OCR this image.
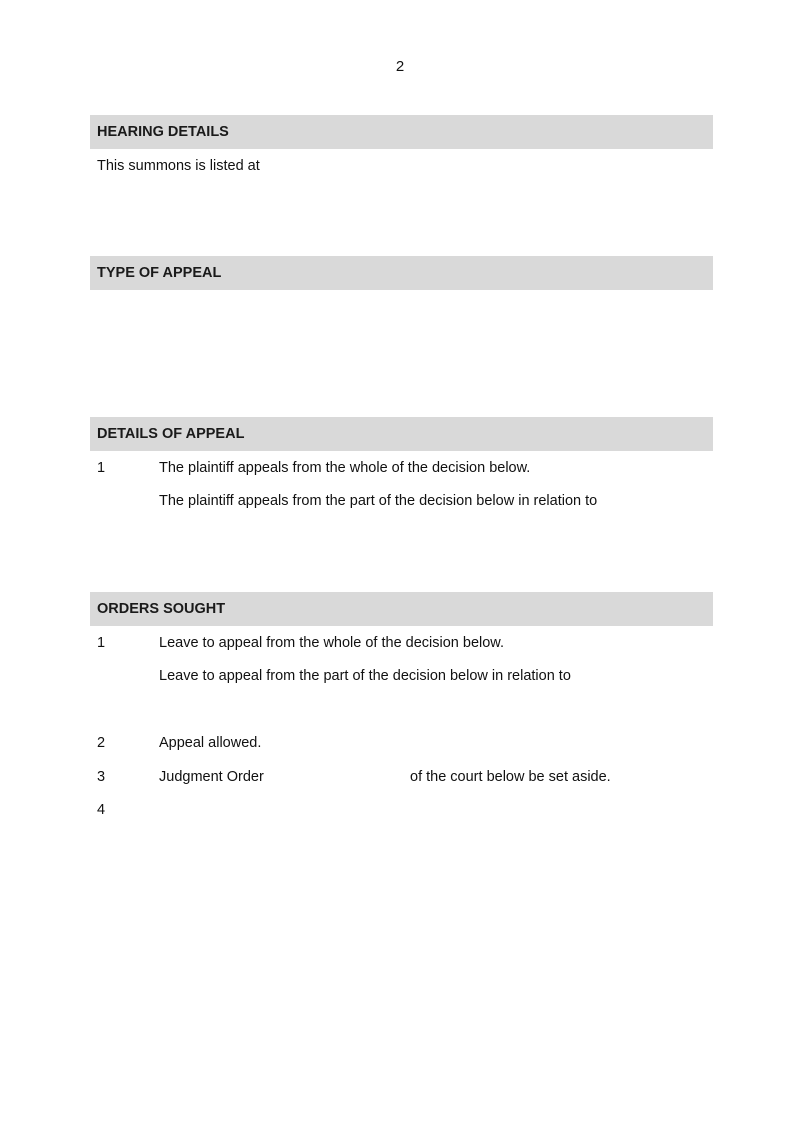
2
HEARING DETAILS
This summons is listed at
TYPE OF APPEAL
DETAILS OF APPEAL
1	The plaintiff appeals from the whole of the decision below.
The plaintiff appeals from the part of the decision below in relation to
ORDERS SOUGHT
1	Leave to appeal from the whole of the decision below.
Leave to appeal from the part of the decision below in relation to
2	Appeal allowed.
3	Judgment Order	of the court below be set aside.
4
